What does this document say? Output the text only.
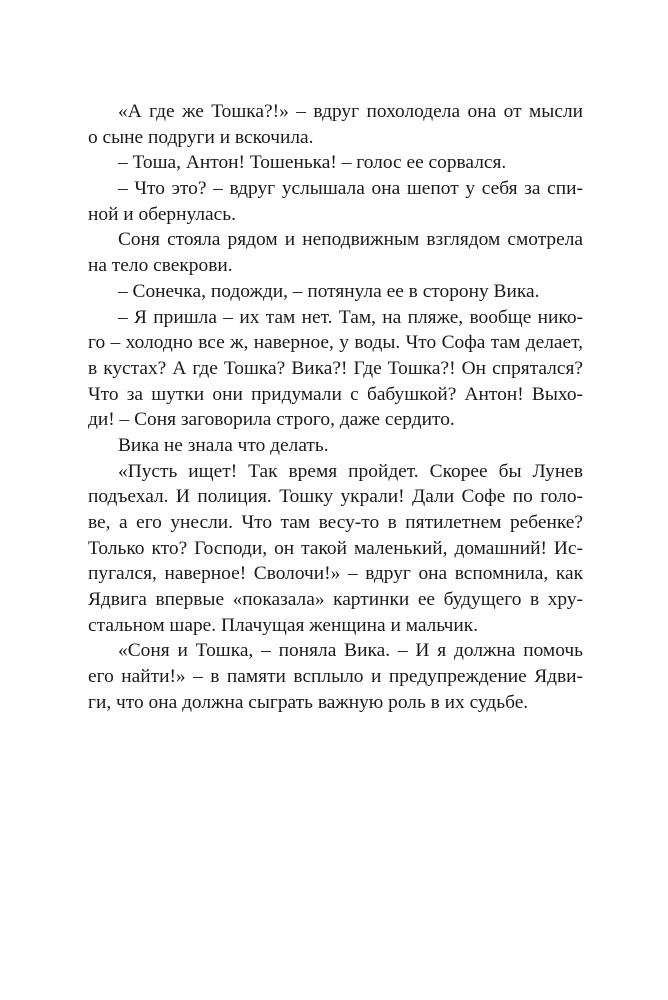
«А где же Тошка?!» – вдруг похолодела она от мысли
о сыне подруги и вскочила.
– Тоша, Антон! Тошенька! – голос ее сорвался.
– Что это? – вдруг услышала она шепот у себя за спи-
ной и обернулась.
Соня стояла рядом и неподвижным взглядом смотрела
на тело свекрови.
– Сонечка, подожди, – потянула ее в сторону Вика.
– Я пришла – их там нет. Там, на пляже, вообще нико-
го – холодно все ж, наверное, у воды. Что Софа там делает,
в кустах? А где Тошка? Вика?! Где Тошка?! Он спрятался?
Что за шутки они придумали с бабушкой? Антон! Выхо-
ди! – Соня заговорила строго, даже сердито.
Вика не знала что делать.
«Пусть ищет! Так время пройдет. Скорее бы Лунев
подъехал. И полиция. Тошку украли! Дали Софе по голо-
ве, а его унесли. Что там весу-то в пятилетнем ребенке?
Только кто? Господи, он такой маленький, домашний! Ис-
пугался, наверное! Сволочи!» – вдруг она вспомнила, как
Ядвига впервые «показала» картинки ее будущего в хру-
стальном шаре. Плачущая женщина и мальчик.
«Соня и Тошка, – поняла Вика. – И я должна помочь
его найти!» – в памяти всплыло и предупреждение Ядви-
ги, что она должна сыграть важную роль в их судьбе.
